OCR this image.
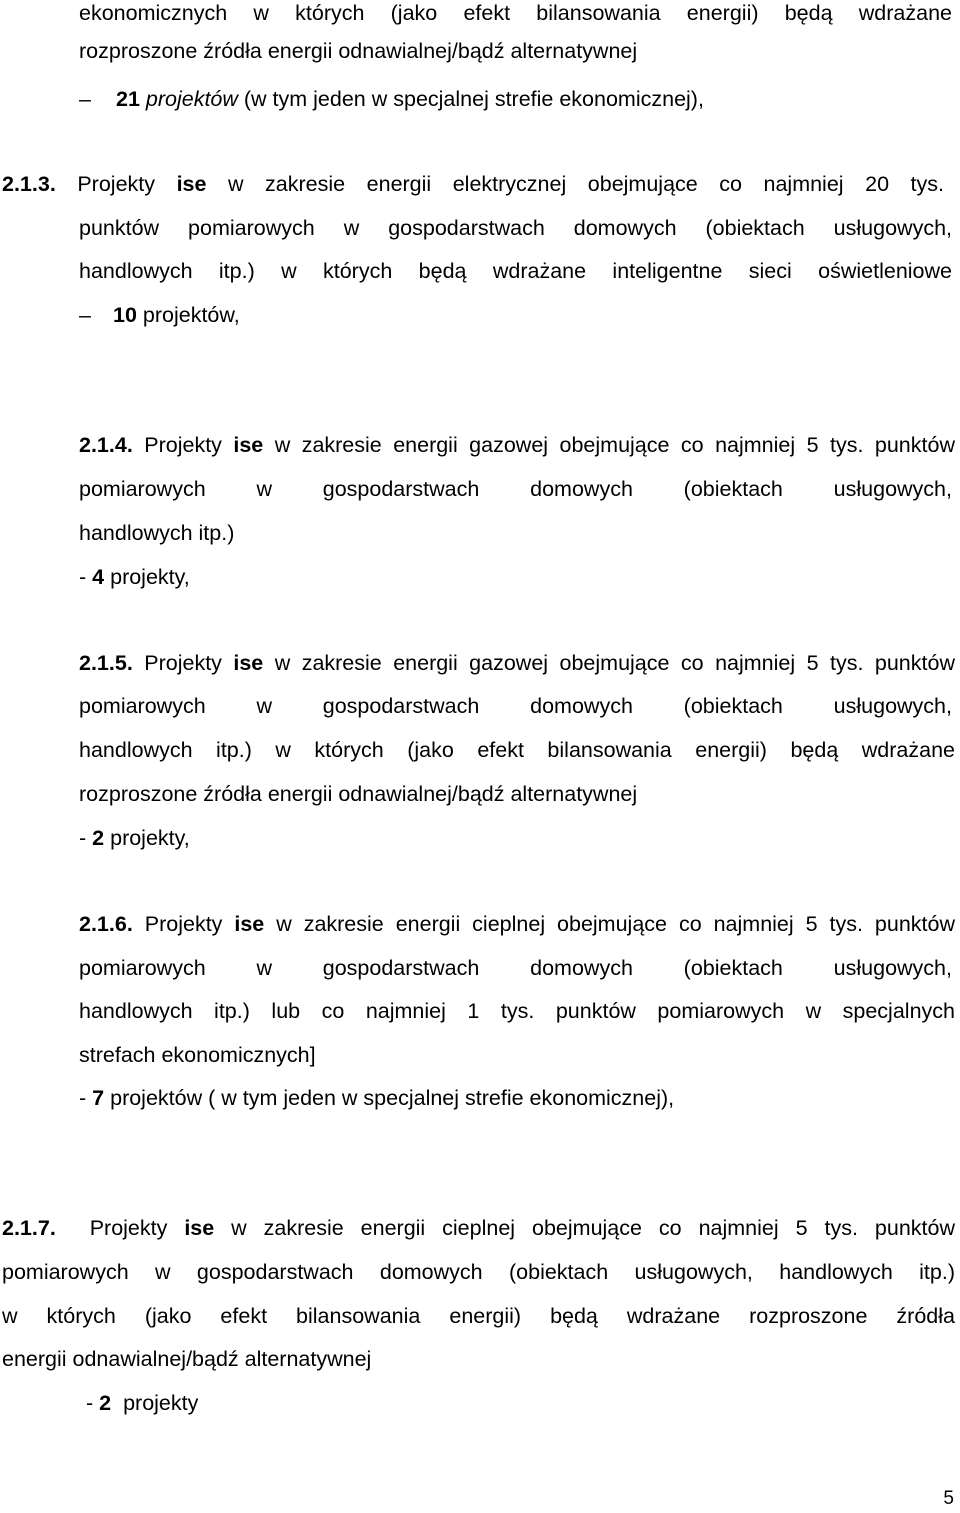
ekonomicznych w których (jako efekt bilansowania energii) będą wdrażane
rozproszone źródła energii odnawialnej/bądź alternatywnej
– 21 projektów (w tym jeden w specjalnej strefie ekonomicznej),
2.1.3. Projekty ise w zakresie energii elektrycznej obejmujące co najmniej 20 tys.
punktów pomiarowych w gospodarstwach domowych (obiektach usługowych,
handlowych itp.) w których będą wdrażane inteligentne sieci oświetleniowe
– 10 projektów,
2.1.4. Projekty ise w zakresie energii gazowej obejmujące co najmniej 5 tys. punktów
pomiarowych w gospodarstwach domowych (obiektach usługowych,
handlowych itp.)
- 4 projekty,
2.1.5. Projekty ise w zakresie energii gazowej obejmujące co najmniej 5 tys. punktów
pomiarowych w gospodarstwach domowych (obiektach usługowych,
handlowych itp.) w których (jako efekt bilansowania energii) będą wdrażane
rozproszone źródła energii odnawialnej/bądź alternatywnej
- 2 projekty,
2.1.6. Projekty ise w zakresie energii cieplnej obejmujące co najmniej 5 tys. punktów
pomiarowych w gospodarstwach domowych (obiektach usługowych,
handlowych itp.) lub co najmniej 1 tys. punktów pomiarowych w specjalnych
strefach ekonomicznych]
- 7 projektów ( w tym jeden w specjalnej strefie ekonomicznej),
2.1.7. Projekty ise w zakresie energii cieplnej obejmujące co najmniej 5 tys. punktów
pomiarowych w gospodarstwach domowych (obiektach usługowych, handlowych itp.)
w których (jako efekt bilansowania energii) będą wdrażane rozproszone źródła
energii odnawialnej/bądź alternatywnej
- 2 projekty
5
